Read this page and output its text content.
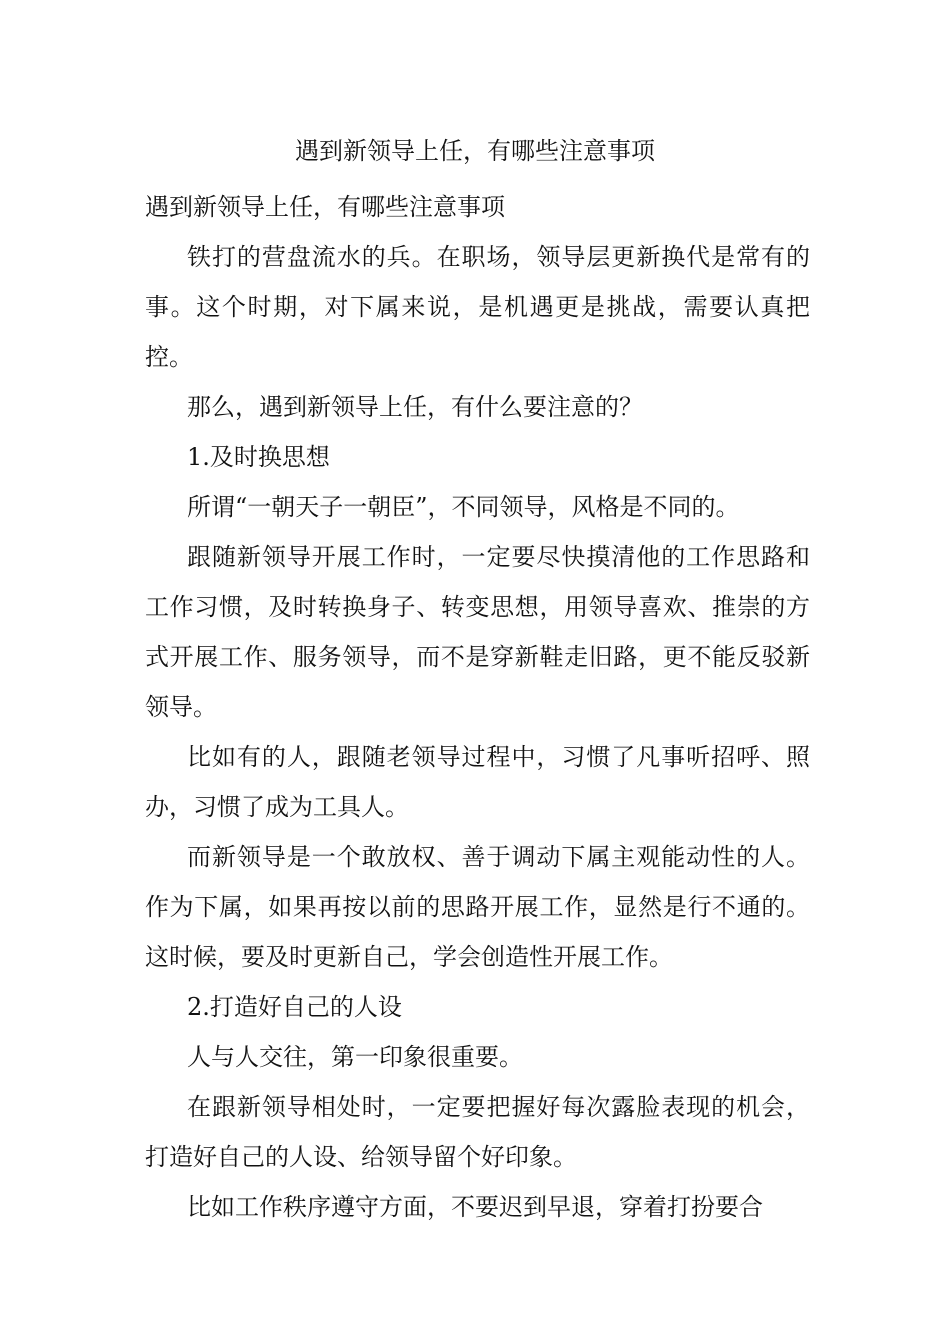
遇到新领导上任，有哪些注意事项

遇到新领导上任，有哪些注意事项

铁打的营盘流水的兵。在职场，领导层更新换代是常有的事。这个时期，对下属来说，是机遇更是挑战，需要认真把控。

那么，遇到新领导上任，有什么要注意的？

1.及时换思想

所谓“一朝天子一朝臣”，不同领导，风格是不同的。

跟随新领导开展工作时，一定要尽快摸清他的工作思路和工作习惯，及时转换身子、转变思想，用领导喜欢、推崇的方式开展工作、服务领导，而不是穿新鞋走旧路，更不能反驳新领导。

比如有的人，跟随老领导过程中，习惯了凡事听招呼、照办，习惯了成为工具人。

而新领导是一个敢放权、善于调动下属主观能动性的人。作为下属，如果再按以前的思路开展工作，显然是行不通的。这时候，要及时更新自己，学会创造性开展工作。

2.打造好自己的人设

人与人交往，第一印象很重要。

在跟新领导相处时，一定要把握好每次露脸表现的机会，打造好自己的人设、给领导留个好印象。

比如工作秩序遵守方面，不要迟到早退，穿着打扮要合
